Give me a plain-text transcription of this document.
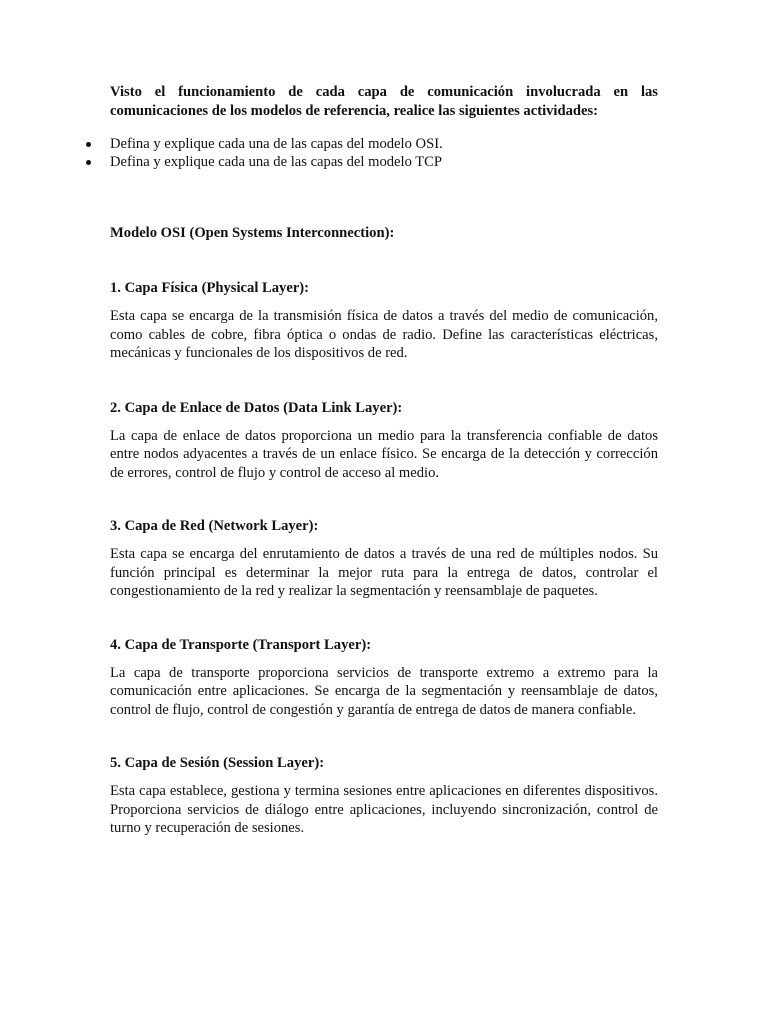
Visto el funcionamiento de cada capa de comunicación involucrada en las comunicaciones de los modelos de referencia, realice las siguientes actividades:

Defina y explique cada una de las capas del modelo OSI.
Defina y explique cada una de las capas del modelo TCP
Modelo OSI (Open Systems Interconnection):
1. Capa Física (Physical Layer):

Esta capa se encarga de la transmisión física de datos a través del medio de comunicación, como cables de cobre, fibra óptica o ondas de radio. Define las características eléctricas, mecánicas y funcionales de los dispositivos de red.

2. Capa de Enlace de Datos (Data Link Layer):

La capa de enlace de datos proporciona un medio para la transferencia confiable de datos entre nodos adyacentes a través de un enlace físico. Se encarga de la detección y corrección de errores, control de flujo y control de acceso al medio.

3. Capa de Red (Network Layer):

Esta capa se encarga del enrutamiento de datos a través de una red de múltiples nodos. Su función principal es determinar la mejor ruta para la entrega de datos, controlar el congestionamiento de la red y realizar la segmentación y reensamblaje de paquetes.

4. Capa de Transporte (Transport Layer):

La capa de transporte proporciona servicios de transporte extremo a extremo para la comunicación entre aplicaciones. Se encarga de la segmentación y reensamblaje de datos, control de flujo, control de congestión y garantía de entrega de datos de manera confiable.

5. Capa de Sesión (Session Layer):

Esta capa establece, gestiona y termina sesiones entre aplicaciones en diferentes dispositivos. Proporciona servicios de diálogo entre aplicaciones, incluyendo sincronización, control de turno y recuperación de sesiones.
